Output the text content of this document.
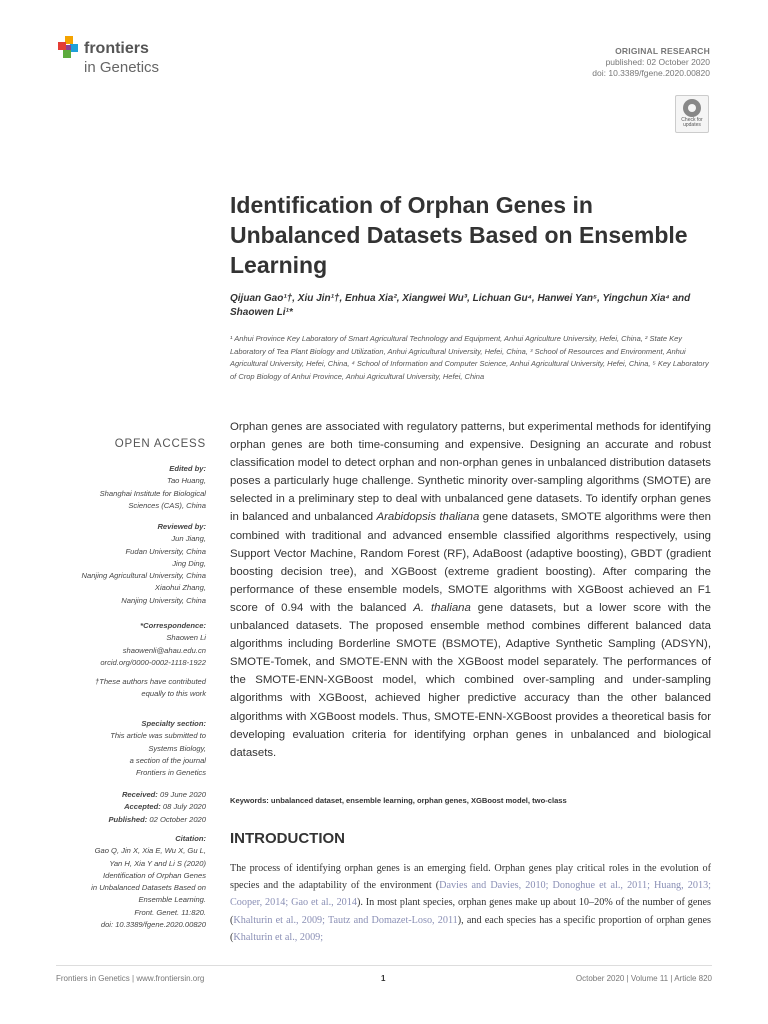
frontiers
in Genetics
ORIGINAL RESEARCH
published: 02 October 2020
doi: 10.3389/fgene.2020.00820
Check for updates
Identification of Orphan Genes in Unbalanced Datasets Based on Ensemble Learning
Qijuan Gao¹†, Xiu Jin¹†, Enhua Xia², Xiangwei Wu³, Lichuan Gu⁴, Hanwei Yan⁵, Yingchun Xia⁴ and Shaowen Li¹*
¹ Anhui Province Key Laboratory of Smart Agricultural Technology and Equipment, Anhui Agriculture University, Hefei, China, ² State Key Laboratory of Tea Plant Biology and Utilization, Anhui Agricultural University, Hefei, China, ³ School of Resources and Environment, Anhui Agricultural University, Hefei, China, ⁴ School of Information and Computer Science, Anhui Agricultural University, Hefei, China, ⁵ Key Laboratory of Crop Biology of Anhui Province, Anhui Agricultural University, Hefei, China
OPEN ACCESS
Edited by:
Tao Huang,
Shanghai Institute for Biological
Sciences (CAS), China
Reviewed by:
Jun Jiang,
Fudan University, China
Jing Ding,
Nanjing Agricultural University, China
Xiaohui Zhang,
Nanjing University, China
*Correspondence:
Shaowen Li
shaowenli@ahau.edu.cn
orcid.org/0000-0002-1118-1922
†These authors have contributed
equally to this work
Specialty section:
This article was submitted to
Systems Biology,
a section of the journal
Frontiers in Genetics
Received: 09 June 2020
Accepted: 08 July 2020
Published: 02 October 2020
Citation:
Gao Q, Jin X, Xia E, Wu X, Gu L,
Yan H, Xia Y and Li S (2020)
Identification of Orphan Genes
in Unbalanced Datasets Based on
Ensemble Learning.
Front. Genet. 11:820.
doi: 10.3389/fgene.2020.00820
Orphan genes are associated with regulatory patterns, but experimental methods for identifying orphan genes are both time-consuming and expensive. Designing an accurate and robust classification model to detect orphan and non-orphan genes in unbalanced distribution datasets poses a particularly huge challenge. Synthetic minority over-sampling algorithms (SMOTE) are selected in a preliminary step to deal with unbalanced gene datasets. To identify orphan genes in balanced and unbalanced Arabidopsis thaliana gene datasets, SMOTE algorithms were then combined with traditional and advanced ensemble classified algorithms respectively, using Support Vector Machine, Random Forest (RF), AdaBoost (adaptive boosting), GBDT (gradient boosting decision tree), and XGBoost (extreme gradient boosting). After comparing the performance of these ensemble models, SMOTE algorithms with XGBoost achieved an F1 score of 0.94 with the balanced A. thaliana gene datasets, but a lower score with the unbalanced datasets. The proposed ensemble method combines different balanced data algorithms including Borderline SMOTE (BSMOTE), Adaptive Synthetic Sampling (ADSYN), SMOTE-Tomek, and SMOTE-ENN with the XGBoost model separately. The performances of the SMOTE-ENN-XGBoost model, which combined over-sampling and under-sampling algorithms with XGBoost, achieved higher predictive accuracy than the other balanced algorithms with XGBoost models. Thus, SMOTE-ENN-XGBoost provides a theoretical basis for developing evaluation criteria for identifying orphan genes in unbalanced and biological datasets.
Keywords: unbalanced dataset, ensemble learning, orphan genes, XGBoost model, two-class
INTRODUCTION
The process of identifying orphan genes is an emerging field. Orphan genes play critical roles in the evolution of species and the adaptability of the environment (Davies and Davies, 2010; Donoghue et al., 2011; Huang, 2013; Cooper, 2014; Gao et al., 2014). In most plant species, orphan genes make up about 10–20% of the number of genes (Khalturin et al., 2009; Tautz and Domazet-Loso, 2011), and each species has a specific proportion of orphan genes (Khalturin et al., 2009;
Frontiers in Genetics | www.frontiersin.org	1	October 2020 | Volume 11 | Article 820
